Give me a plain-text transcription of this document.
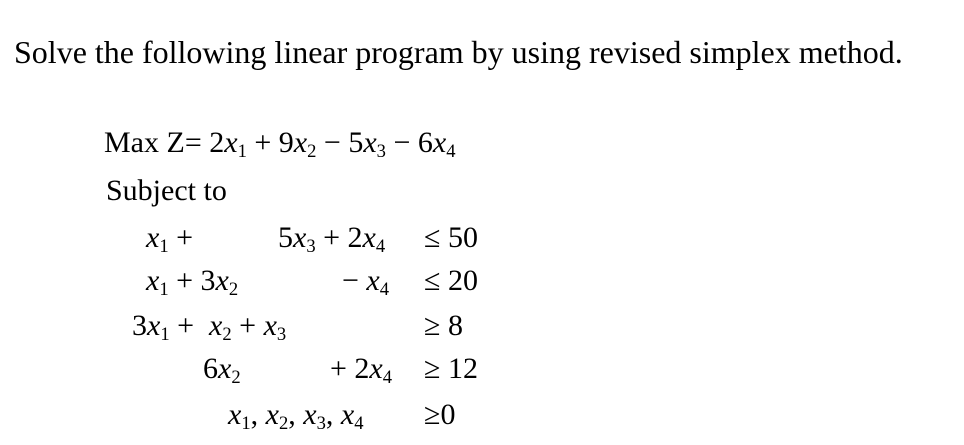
Solve the following linear program by using revised simplex method.
Max $Z= 2x_1 + 9x_2 - 5x_3 - 6x_4$
Subject to
$x_1$ +	$5x_3 + 2x_4 \le 50$
$x_1 + 3x_2$	− $x_4 \le 20$
$3x_1 + x_2 + x_3$	≥ 8
$6x_2$	+ $2x_4 \ge 12$
$x_1$, $x_2$, $x_3$, $x_4 \ge 0$
